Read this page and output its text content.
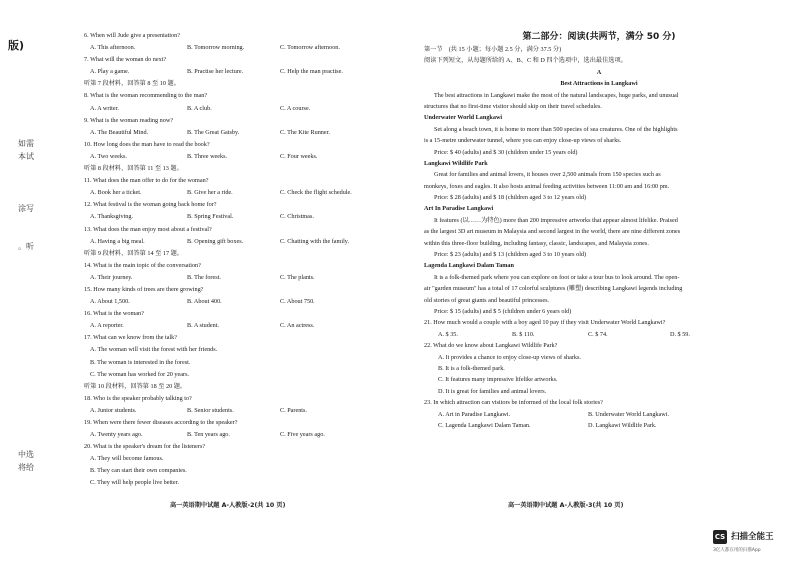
版)
如需
本试
涂写
。听
中选
将给
6. When will Jude give a presentation?
A. This afternoon.	B. Tomorrow morning.	C. Tomorrow afternoon.
7. What will the woman do next?
A. Play a game.	B. Practise her lecture.	C. Help the man practise.
听第 7 段材料，回答第 8 至 10 题。
8. What is the woman recommending to the man?
A. A writer.	B. A club.	C. A course.
9. What is the woman reading now?
A. The Beautiful Mind.	B. The Great Gatsby.	C. The Kite Runner.
10. How long does the man have to read the book?
A. Two weeks.	B. Three weeks.	C. Four weeks.
听第 8 段材料，回答第 11 至 13 题。
11. What does the man offer to do for the woman?
A. Book her a ticket.	B. Give her a ride.	C. Check the flight schedule.
12. What festival is the woman going back home for?
A. Thanksgiving.	B. Spring Festival.	C. Christmas.
13. What does the man enjoy most about a festival?
A. Having a big meal.	B. Opening gift boxes.	C. Chatting with the family.
听第 9 段材料，回答第 14 至 17 题。
14. What is the main topic of the conversation?
A. Their journey.	B. The forest.	C. The plants.
15. How many kinds of trees are there growing?
A. About 1,500.	B. About 400.	C. About 750.
16. What is the woman?
A. A reporter.	B. A student.	C. An actress.
17. What can we know from the talk?
A. The woman will visit the forest with her friends.
B. The woman is interested in the forest.
C. The woman has worked for 20 years.
听第 10 段材料，回答第 18 至 20 题。
18. Who is the speaker probably talking to?
A. Junior students.	B. Senior students.	C. Parents.
19. When were there fewer diseases according to the speaker?
A. Twenty years ago.	B. Ten years ago.	C. Five years ago.
20. What is the speaker's dream for the listeners?
A. They will become famous.
B. They can start their own companies.
C. They will help people live better.
高一英语期中试题 A-人教版-2(共 10 页)
第二部分：阅读(共两节，满分 50 分)
第一节　(共 15 小题；每小题 2.5 分，满分 37.5 分)
阅读下列短文，从每题所给的 A、B、C 和 D 四个选项中，选出最佳选项。
A
Best Attractions in Langkawi
The best attractions in Langkawi make the most of the natural landscapes, huge parks, and unusual
structures that no first-time visitor should skip on their travel schedules.
Underwater World Langkawi
Set along a beach town, it is home to more than 500 species of sea creatures. One of the highlights
is a 15-metre underwater tunnel, where you can enjoy close-up views of sharks.
Price: $ 40 (adults) and $ 30 (children under 15 years old)
Langkawi Wildlife Park
Great for families and animal lovers, it houses over 2,500 animals from 150 species such as
monkeys, foxes and eagles. It also hosts animal feeding activities between 11:00 am and 16:00 pm.
Price: $ 28 (adults) and $ 18 (children aged 3 to 12 years old)
Art In Paradise Langkawi
It features (以……为特色) more than 200 impressive artworks that appear almost lifelike. Praised
as the largest 3D art museum in Malaysia and second largest in the world, there are nine different zones
within this three-floor building, including fantasy, classic, landscapes, and Malaysia zones.
Price: $ 23 (adults) and $ 13 (children aged 3 to 10 years old)
Lagenda Langkawi Dalam Taman
It is a folk-themed park where you can explore on foot or take a tour bus to look around. The open-
air "garden museum" has a total of 17 colorful sculptures (雕塑) describing Langkawi legends including
old stories of great giants and beautiful princesses.
Price: $ 15 (adults) and $ 5 (children under 6 years old)
21. How much would a couple with a boy aged 10 pay if they visit Underwater World Langkawi?
A. $ 35.	B. $ 110.	C. $ 74.	D. $ 59.
22. What do we know about Langkawi Wildlife Park?
A. It provides a chance to enjoy close-up views of sharks.
B. It is a folk-themed park.
C. It features many impressive lifelike artworks.
D. It is great for families and animal lovers.
23. In which attraction can visitors be informed of the local folk stories?
A. Art in Paradise Langkawi.	B. Underwater World Langkawi.
C. Lagenda Langkawi Dalam Taman.	D. Langkawi Wildlife Park.
高一英语期中试题 A-人教版-3(共 10 页)
CS 扫描全能王
3亿人都在用的扫描App
